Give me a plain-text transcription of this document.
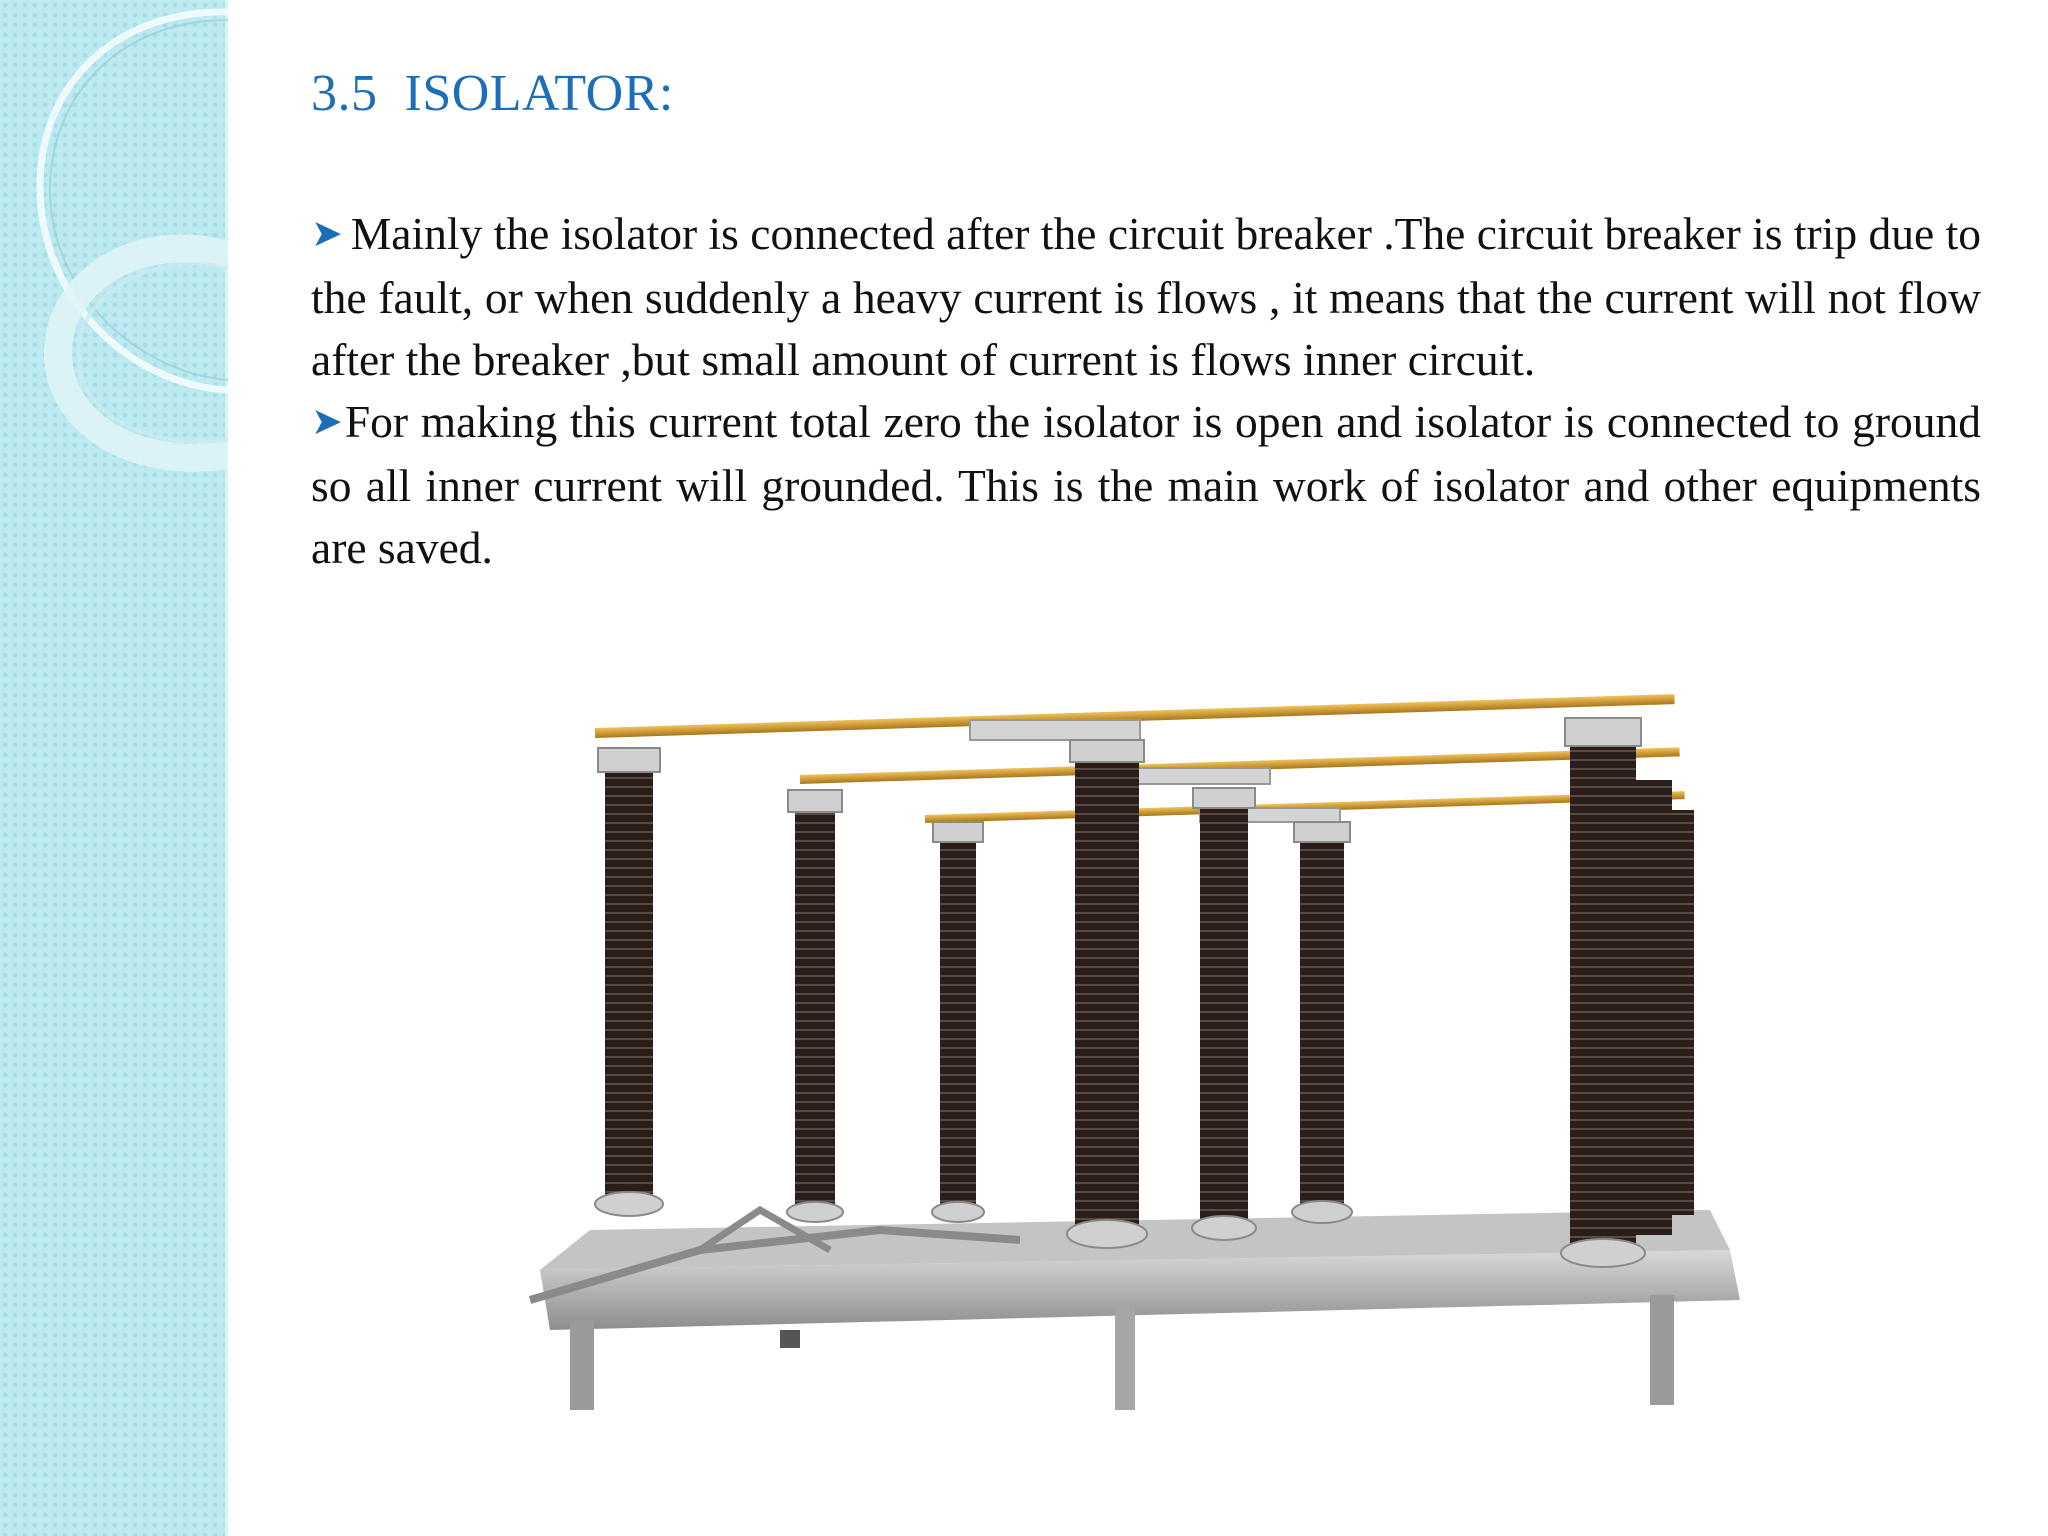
3.5  ISOLATOR:

➤ Mainly the isolator is connected after the circuit breaker .The circuit breaker is trip due to the fault, or when suddenly a heavy current is flows , it means that the current will not flow after the breaker ,but small amount of current is flows inner circuit.

➤For making this current total zero the isolator is open and isolator is connected to ground so all inner current will grounded. This is the main work of isolator and other equipments are saved.
